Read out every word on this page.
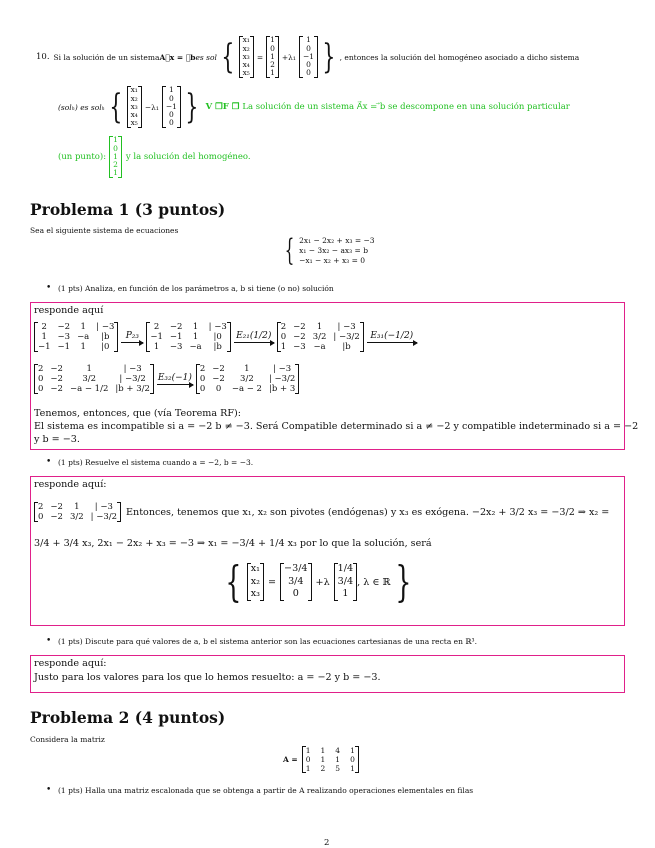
10. Si la solución de un sistema A⃗x = ⃗b es sol { x₁
x₂
x₃
x₄
x₅
=
1
0
1
2
1
+λ₁
1
0
−1
0
0 } , entonces la solución del homogéneo asociado a dicho sistema
(solₕ) es solₕ { x₁
x₂
x₃
x₄
x₅
−λ₁
1
0
−1
0
0 } V ❒F ❒ La solución de un sistema A⃗x = ⃗b se descompone en una solución particular
(un punto):
1
0
1
2
1
y la solución del homogéneo.
Problema 1 (3 puntos)
Sea el siguiente sistema de ecuaciones
{ 2x₁ − 2x₂ + x₃ = −3
x₁ − 3x₂ − ax₃ = b
−x₁ − x₂ + x₃ = 0
• (1 pts) Analiza, en función de los parámetros a, b si tiene (o no) solución
responde aquí
2 −2 1 | −3
1 −3 −a |b
−1 −1 1 |0
P₂₃
2 −2 1 | −3
−1 −1 1 |0
1 −3 −a |b
E₂₁(1/2)
2 −2 1 | −3
0 −2 3/2 | −3/2
1 −3 −a |b
E₃₁(−1/2)
2 −2	1	| −3
0 −2 3/2	| −3/2
0 −2 −a − 1/2 |b + 3/2
E₃₂(−1)
2 −2 1	| −3
0 −2 3/2 | −3/2
0 0 −a − 2 |b + 3
Tenemos, entonces, que (vía Teorema RF):
El sistema es incompatible si a = −2 b ≠ −3. Será Compatible determinado si a ≠ −2 y compatible indeterminado si a = −2
y b = −3.
• (1 pts) Resuelve el sistema cuando a = −2, b = −3.
responde aquí:
2 −2 1 | −3
0 −2 3/2 | −3/2 Entonces, tenemos que x₁, x₂ son pivotes (endógenas) y x₃ es exógena. −2x₂ + 3/2 x₃ = −3/2 ⇒ x₂ =
3/4 + 3/4 x₃, 2x₁ − 2x₂ + x₃ = −3 ⇒ x₁ = −3/4 + 1/4 x₃ por lo que la solución, será
{ x₁
x₂
x₃
=
−3/4
3/4
0
+λ
1/4
3/4
1
, λ ∈ ℝ }
• (1 pts) Discute para qué valores de a, b el sistema anterior son las ecuaciones cartesianas de una recta en ℝ³.
responde aquí:
Justo para los valores para los que lo hemos resuelto: a = −2 y b = −3.
Problema 2 (4 puntos)
Considera la matriz
A =
1 1 4 1
0 1 1 0
1 2 5 1
• (1 pts) Halla una matriz escalonada que se obtenga a partir de A realizando operaciones elementales en filas
2
